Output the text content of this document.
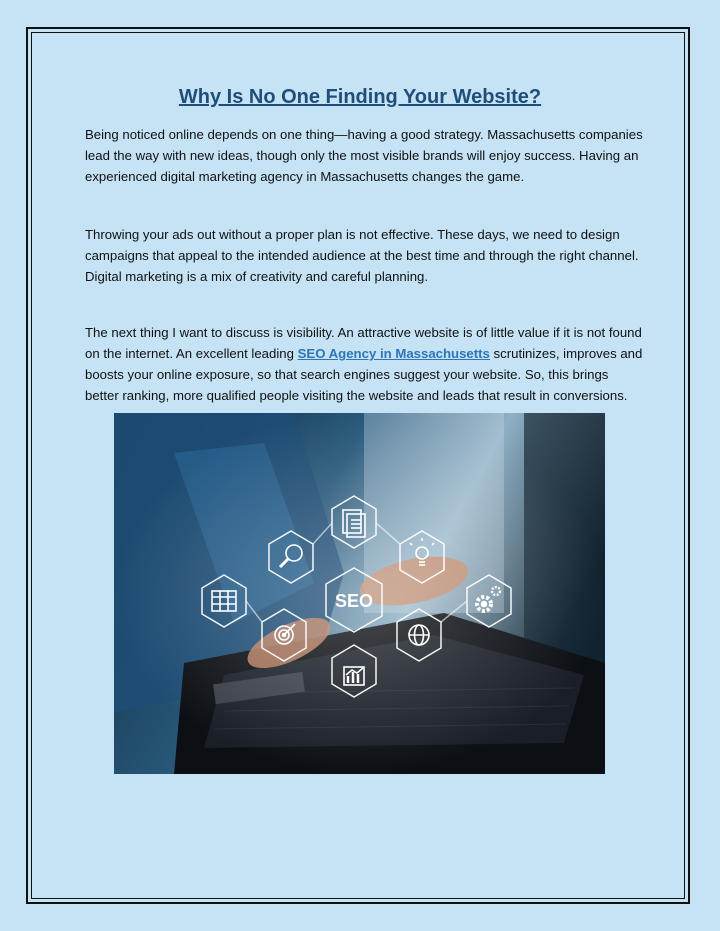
Why Is No One Finding Your Website?

Being noticed online depends on one thing—having a good strategy. Massachusetts companies lead the way with new ideas, though only the most visible brands will enjoy success. Having an experienced digital marketing agency in Massachusetts changes the game.

Throwing your ads out without a proper plan is not effective. These days, we need to design campaigns that appeal to the intended audience at the best time and through the right channel. Digital marketing is a mix of creativity and careful planning.

The next thing I want to discuss is visibility. An attractive website is of little value if it is not found on the internet. An excellent leading SEO Agency in Massachusetts scrutinizes, improves and boosts your online exposure, so that search engines suggest your website. So, this brings better ranking, more qualified people visiting the website and leads that result in conversions.

SEO
